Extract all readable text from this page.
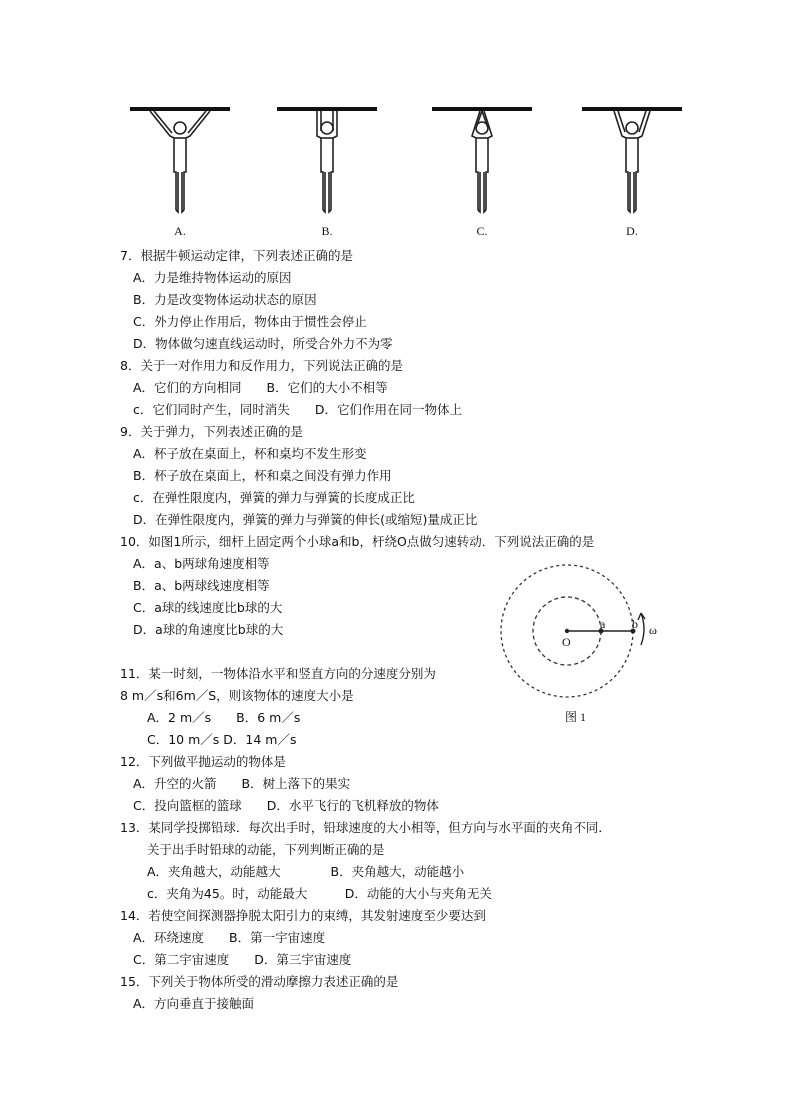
A.	B.	C.	D.
7．根据牛顿运动定律，下列表述正确的是
A．力是维持物体运动的原因
B．力是改变物体运动状态的原因
C．外力停止作用后，物体由于惯性会停止
D．物体做匀速直线运动时，所受合外力不为零
8．关于一对作用力和反作用力，下列说法正确的是
A．它们的方向相同　　B．它们的大小不相等
c．它们同时产生，同时消失　　D．它们作用在同一物体上
9．关于弹力，下列表述正确的是
A．杯子放在桌面上，杯和桌均不发生形变
B．杯子放在桌面上，杯和桌之间没有弹力作用
c．在弹性限度内，弹簧的弹力与弹簧的长度成正比
D．在弹性限度内，弹簧的弹力与弹簧的伸长(或缩短)量成正比
10．如图1所示，细杆上固定两个小球a和b，杆绕O点做匀速转动．下列说法正确的是
A．a、b两球角速度相等
B．a、b两球线速度相等
C．a球的线速度比b球的大
D．a球的角速度比b球的大
O
a b ω
图 1
11．某一时刻，一物体沿水平和竖直方向的分速度分别为
8 m／s和6m／S，则该物体的速度大小是
A．2 m／s　　B．6 m／s
C．10 m／s D．14 m／s
12．下列做平抛运动的物体是
A．升空的火箭　　B．树上落下的果实
C．投向篮框的篮球　　D．水平飞行的飞机释放的物体
13．某同学投掷铅球．每次出手时，铅球速度的大小相等，但方向与水平面的夹角不同．
关于出手时铅球的动能，下列判断正确的是
A．夹角越大，动能越大　　　　B．夹角越大，动能越小
c．夹角为45。时，动能最大　　　D．动能的大小与夹角无关
14．若使空间探测器挣脱太阳引力的束缚，其发射速度至少要达到
A．环绕速度　　B．第一宇宙速度
C．第二宇宙速度　　D．第三宇宙速度
15．下列关于物体所受的滑动摩擦力表述正确的是
A．方向垂直于接触面
